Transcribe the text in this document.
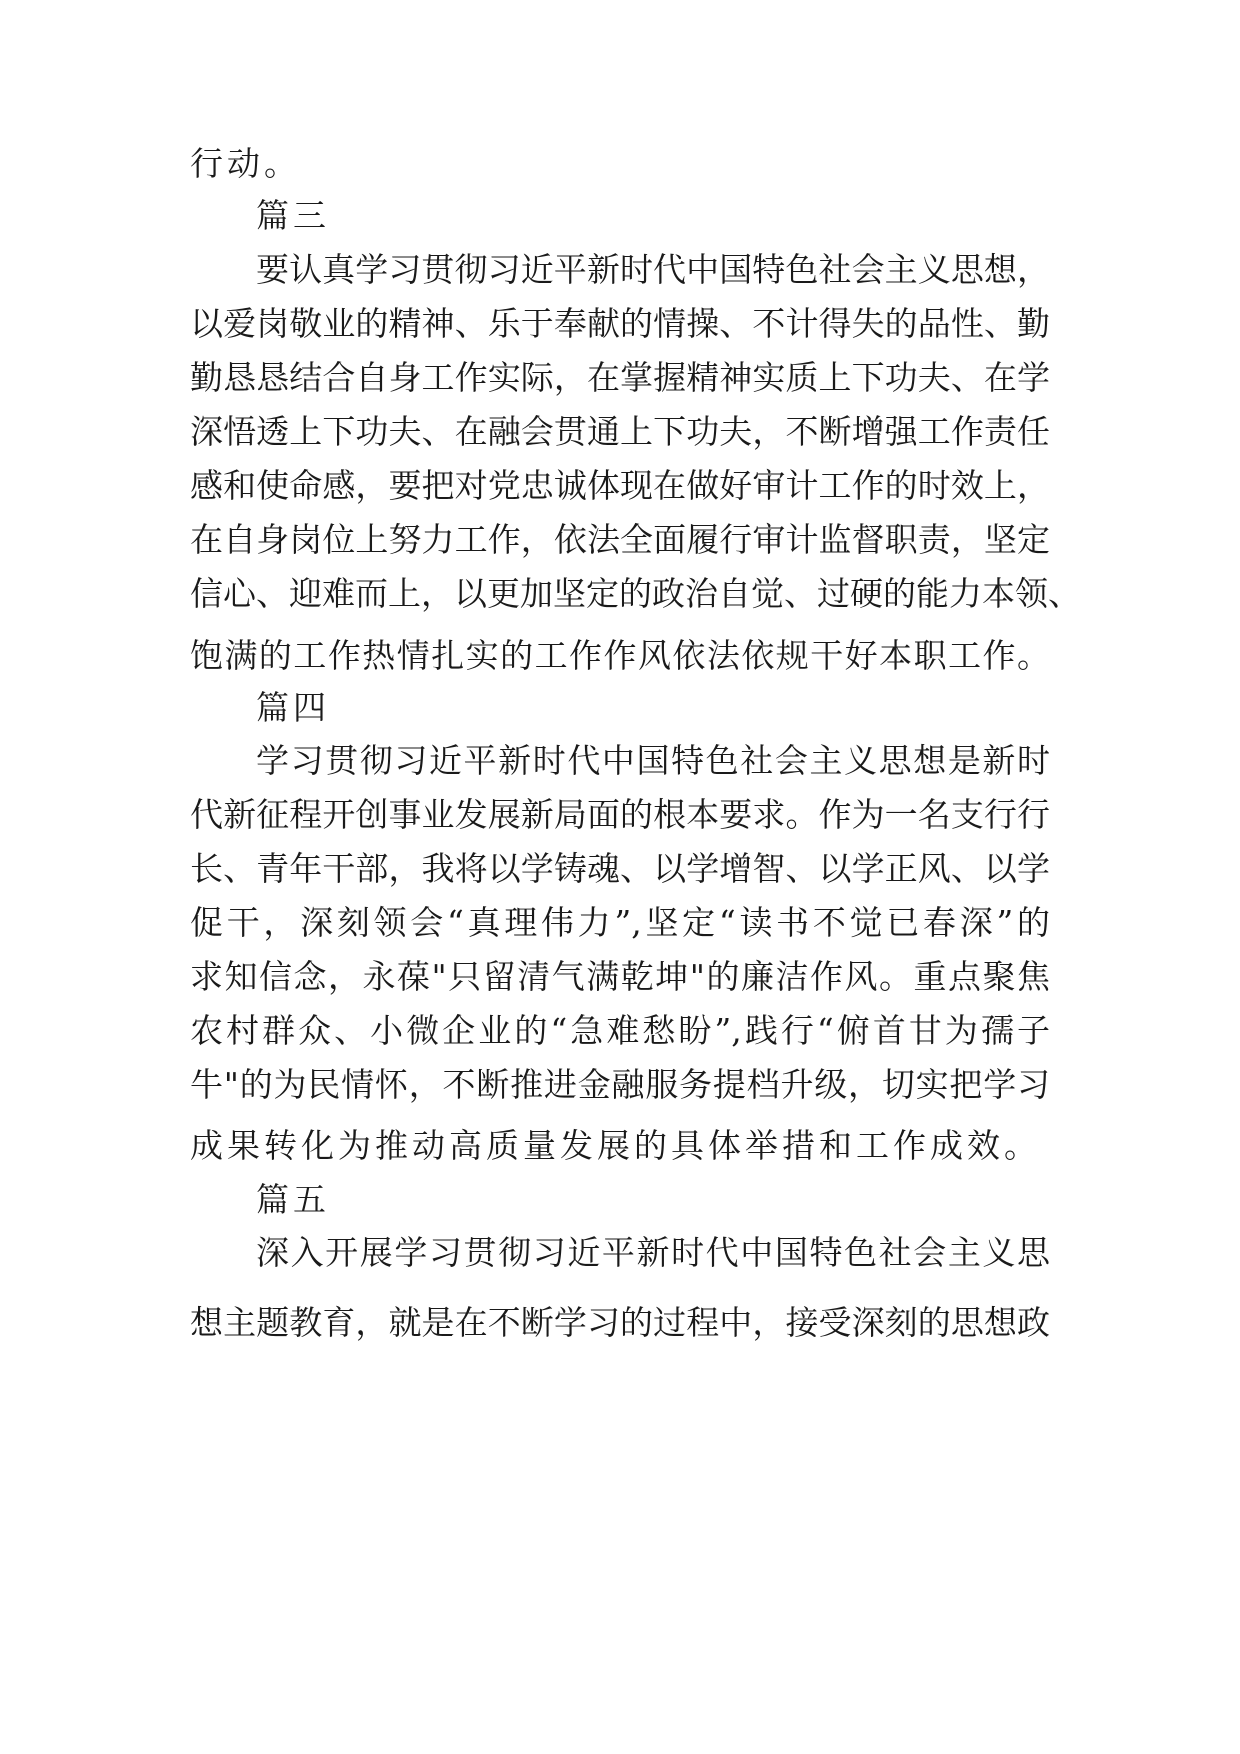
行动。

篇三

要认真学习贯彻习近平新时代中国特色社会主义思想，

以爱岗敬业的精神、乐于奉献的情操、不计得失的品性、勤

勤恳恳结合自身工作实际，在掌握精神实质上下功夫、在学

深悟透上下功夫、在融会贯通上下功夫，不断增强工作责任

感和使命感，要把对党忠诚体现在做好审计工作的时效上，

在自身岗位上努力工作，依法全面履行审计监督职责，坚定

信心、迎难而上，以更加坚定的政治自觉、过硬的能力本领、

饱满的工作热情扎实的工作作风依法依规干好本职工作。

篇四

学习贯彻习近平新时代中国特色社会主义思想是新时

代新征程开创事业发展新局面的根本要求。作为一名支行行

长、青年干部，我将以学铸魂、以学增智、以学正风、以学

促干，深刻领会“真理伟力”,坚定“读书不觉已春深”的

求知信念，永葆"只留清气满乾坤"的廉洁作风。重点聚焦

农村群众、小微企业的“急难愁盼”,践行“俯首甘为孺子

牛"的为民情怀，不断推进金融服务提档升级，切实把学习

成果转化为推动高质量发展的具体举措和工作成效。

篇五

深入开展学习贯彻习近平新时代中国特色社会主义思

想主题教育，就是在不断学习的过程中，接受深刻的思想政
